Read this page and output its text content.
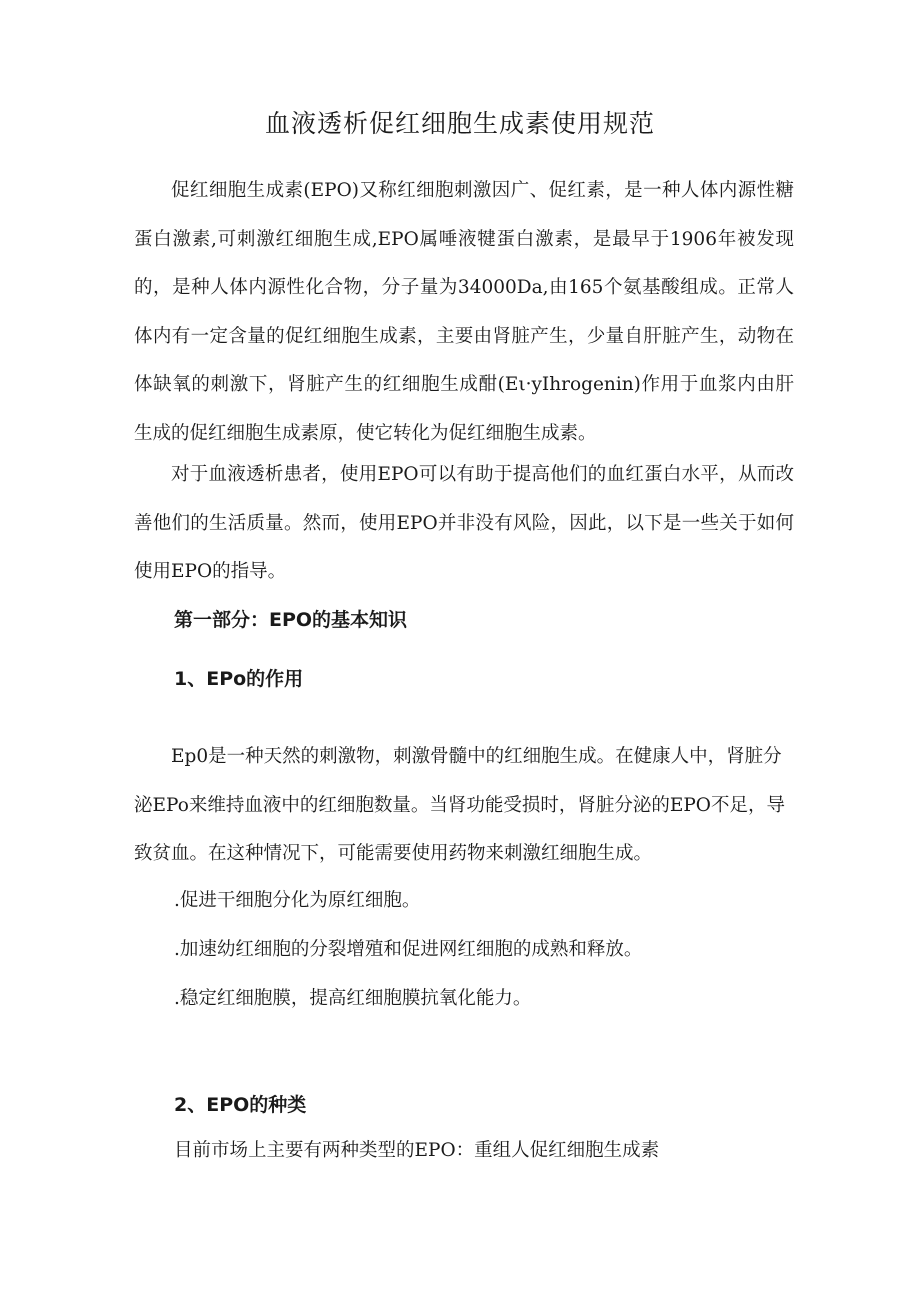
血液透析促红细胞生成素使用规范

促红细胞生成素(EPO)又称红细胞刺激因广、促红素，是一种人体内源性糖蛋白激素,可刺激红细胞生成,EPO属唾液犍蛋白激素，是最早于1906年被发现的，是种人体内源性化合物，分子量为34000Da,由165个氨基酸组成。正常人体内有一定含量的促红细胞生成素，主要由肾脏产生，少量自肝脏产生，动物在体缺氧的刺激下，肾脏产生的红细胞生成酣(Eι·yIhrogenin)作用于血浆内由肝生成的促红细胞生成素原，使它转化为促红细胞生成素。

对于血液透析患者，使用EPO可以有助于提高他们的血红蛋白水平，从而改善他们的生活质量。然而，使用EPO并非没有风险，因此，以下是一些关于如何使用EPO的指导。

第一部分：EPO的基本知识
1、EPo的作用

　　Ep0是一种天然的刺激物，刺激骨髓中的红细胞生成。在健康人中，肾脏分泌EPo来维持血液中的红细胞数量。当肾功能受损时，肾脏分泌的EPO不足，导致贫血。在这种情况下，可能需要使用药物来刺激红细胞生成。

.促进干细胞分化为原红细胞。
.加速幼红细胞的分裂增殖和促进网红细胞的成熟和释放。
.稳定红细胞膜，提高红细胞膜抗氧化能力。
2、EPO的种类
目前市场上主要有两种类型的EPO：重组人促红细胞生成素
